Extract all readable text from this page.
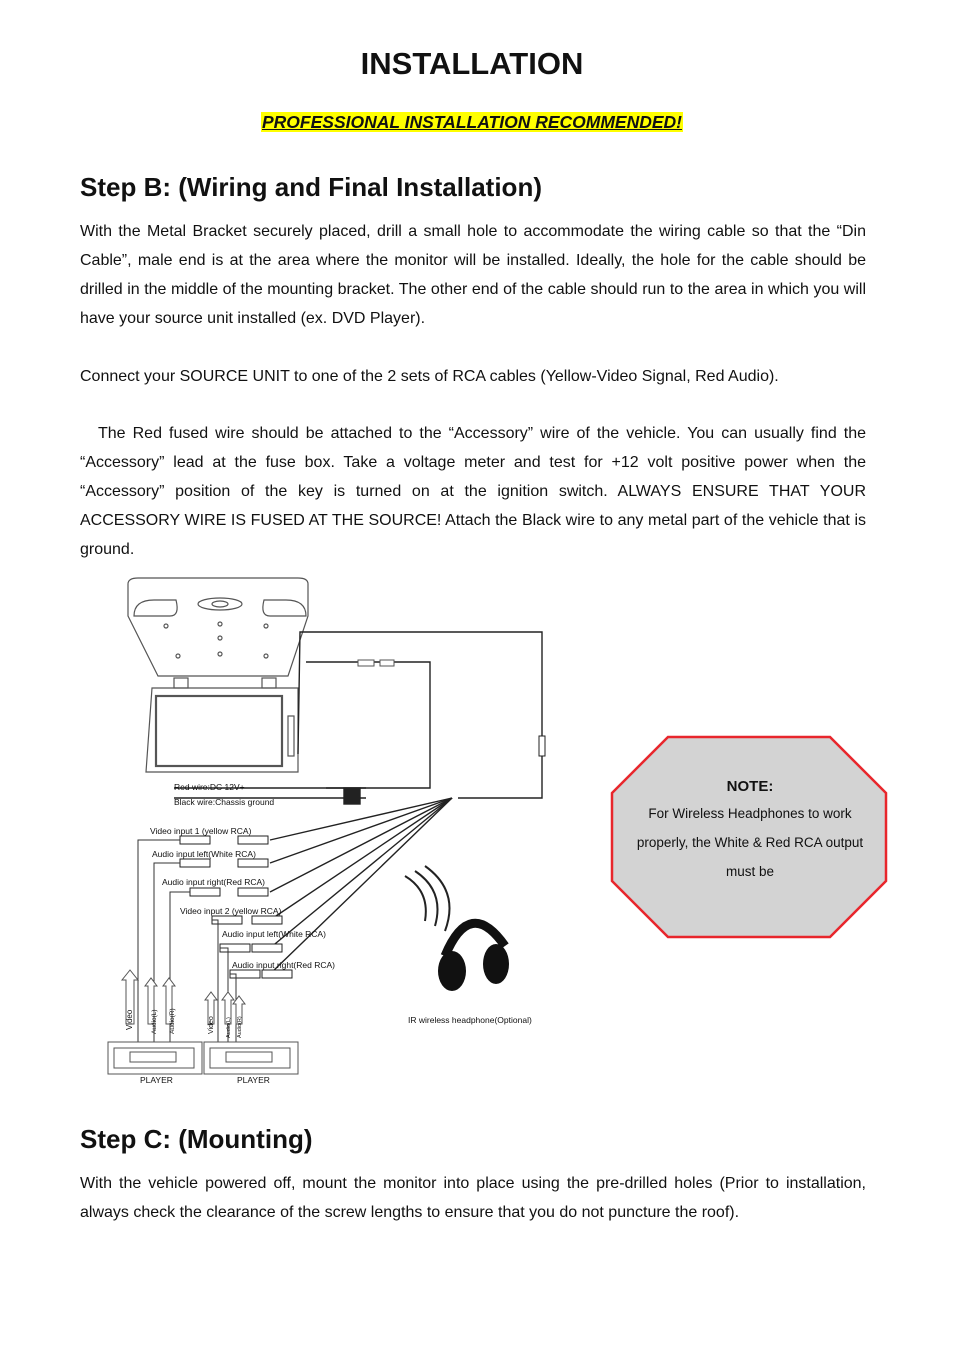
INSTALLATION
PROFESSIONAL INSTALLATION RECOMMENDED!
Step B: (Wiring and Final Installation)
With the Metal Bracket securely placed, drill a small hole to accommodate the wiring cable so that the “Din Cable”, male end is at the area where the monitor will be installed. Ideally, the hole for the cable should be drilled in the middle of the mounting bracket. The other end of the cable should run to the area in which you will have your source unit installed (ex. DVD Player).
Connect your SOURCE UNIT to one of the 2 sets of RCA cables (Yellow-Video Signal, Red Audio).
The Red fused wire should be attached to the “Accessory” wire of the vehicle. You can usually find the “Accessory” lead at the fuse box. Take a voltage meter and test for +12 volt positive power when the “Accessory” position of the key is turned on at the ignition switch. ALWAYS ENSURE THAT YOUR ACCESSORY WIRE IS FUSED AT THE SOURCE! Attach the Black wire to any metal part of the vehicle that is ground.
Red wire:DC 12V+
Black wire:Chassis ground
Video input 1 (yellow RCA)
Audio input left(White RCA)
Audio input right(Red RCA)
Video input 2 (yellow RCA)
Audio input left(White RCA)
Audio input right(Red RCA)
IR wireless headphone(Optional)
PLAYER	PLAYER
Video	Audio(L) Audio(R)	Video Audio(L) Audio(R)
NOTE:
For Wireless Headphones to work properly, the White & Red RCA output must be
Step C: (Mounting)
With the vehicle powered off, mount the monitor into place using the pre-drilled holes (Prior to installation, always check the clearance of the screw lengths to ensure that you do not puncture the roof).
